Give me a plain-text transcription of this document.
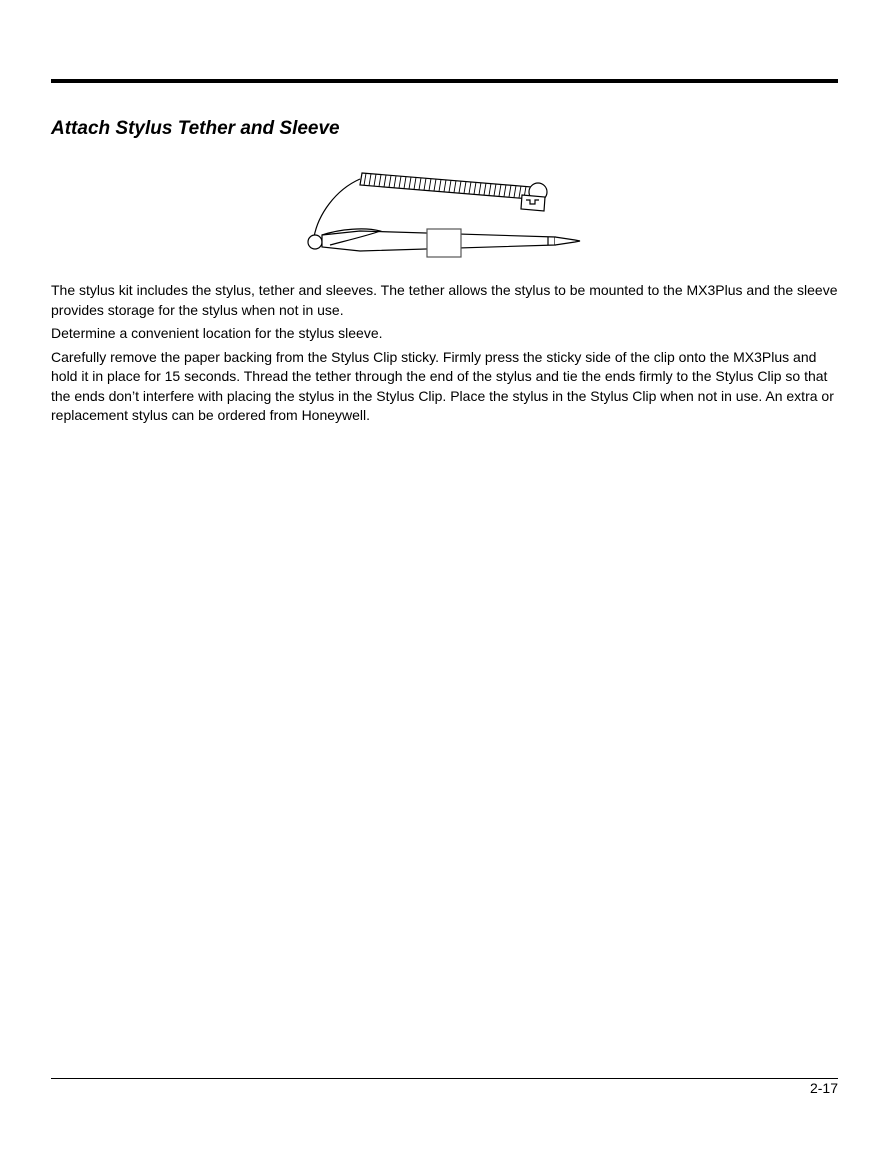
Attach Stylus Tether and Sleeve

The stylus kit includes the stylus, tether and sleeves. The tether allows the stylus to be mounted to the MX3Plus and the sleeve provides storage for the stylus when not in use.

Determine a convenient location for the stylus sleeve.

Carefully remove the paper backing from the Stylus Clip sticky. Firmly press the sticky side of the clip onto the MX3Plus and hold it in place for 15 seconds. Thread the tether through the end of the stylus and tie the ends firmly to the Stylus Clip so that the ends don’t interfere with placing the stylus in the Stylus Clip. Place the stylus in the Stylus Clip when not in use. An extra or replacement stylus can be ordered from Honeywell.

2-17
